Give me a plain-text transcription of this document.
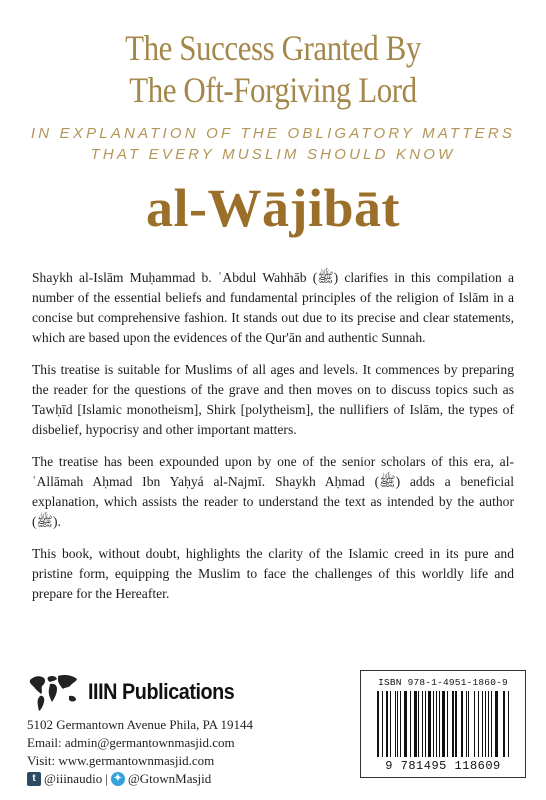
The Success Granted By
The Oft-Forgiving Lord
IN EXPLANATION OF THE OBLIGATORY MATTERS
THAT EVERY MUSLIM SHOULD KNOW
al-Wājibāt

Shaykh al-Islām Muḥammad b. ʿAbdul Wahhāb (ﷺ) clarifies in this compilation a number of the essential beliefs and fundamental principles of the religion of Islām in a concise but comprehensive fashion. It stands out due to its precise and clear statements, which are based upon the evidences of the Qur'ān and authentic Sunnah.

This treatise is suitable for Muslims of all ages and levels. It commences by preparing the reader for the questions of the grave and then moves on to discuss topics such as Tawḥīd [Islamic monotheism], Shirk [polytheism], the nullifiers of Islām, the types of disbelief, hypocrisy and other important matters.

The treatise has been expounded upon by one of the senior scholars of this era, al-ʿAllāmah Aḥmad Ibn Yaḥyá al-Najmī. Shaykh Aḥmad (ﷺ) adds a beneficial explanation, which assists the reader to understand the text as intended by the author (ﷺ).

This book, without doubt, highlights the clarity of the Islamic creed in its pure and pristine form, equipping the Muslim to face the challenges of this worldly life and prepare for the Hereafter.

IIIN Publications
5102 Germantown Avenue Phila, PA 19144
Email: admin@germantownmasjid.com
Visit: www.germantownmasjid.com
t @iiinaudio | ✦ @GtownMasjid
ISBN 978-1-4951-1860-9
9 781495 118609
